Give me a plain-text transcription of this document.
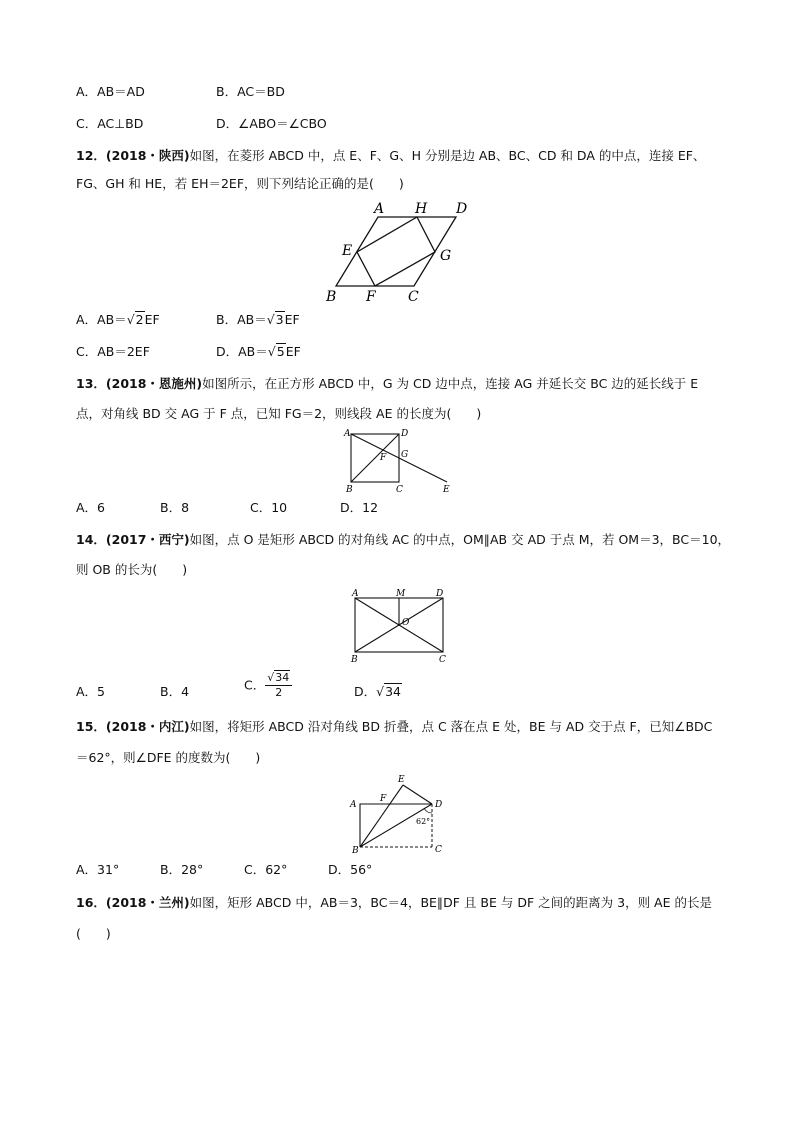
A．AB＝AD	B．AC＝BD
C．AC⊥BD	D．∠ABO＝∠CBO
12．(2018・陕西)如图，在菱形 ABCD 中，点 E、F、G、H 分别是边 AB、BC、CD 和 DA 的中点，连接 EF、
FG、GH 和 HE，若 EH＝2EF，则下列结论正确的是(　　)
A H D
E	G
B F C
A．AB＝√2EF	B．AB＝√3EF
C．AB＝2EF	D．AB＝√5EF
13．(2018・恩施州)如图所示，在正方形 ABCD 中，G 为 CD 边中点，连接 AG 并延长交 BC 边的延长线于 E
点，对角线 BD 交 AG 于 F 点，已知 FG＝2，则线段 AE 的长度为(　　)
A	D
G
F
B	C	E
A．6	B．8	C．10	D．12
14．(2017・西宁)如图，点 O 是矩形 ABCD 的对角线 AC 的中点，OM∥AB 交 AD 于点 M，若 OM＝3，BC＝10，
则 OB 的长为(　　)
A	M	D
O
B	C
A．5	B．4	C． $\frac{√34}{2}$	D．√34
15．(2018・内江)如图，将矩形 ABCD 沿对角线 BD 折叠，点 C 落在点 E 处，BE 与 AD 交于点 F，已知∠BDC
＝62°，则∠DFE 的度数为(　　)
E
A
F
D
B	C
62°
A．31°	B．28°	C．62°	D．56°
16．(2018・兰州)如图，矩形 ABCD 中，AB＝3，BC＝4，BE∥DF 且 BE 与 DF 之间的距离为 3，则 AE 的长是
(　　)
